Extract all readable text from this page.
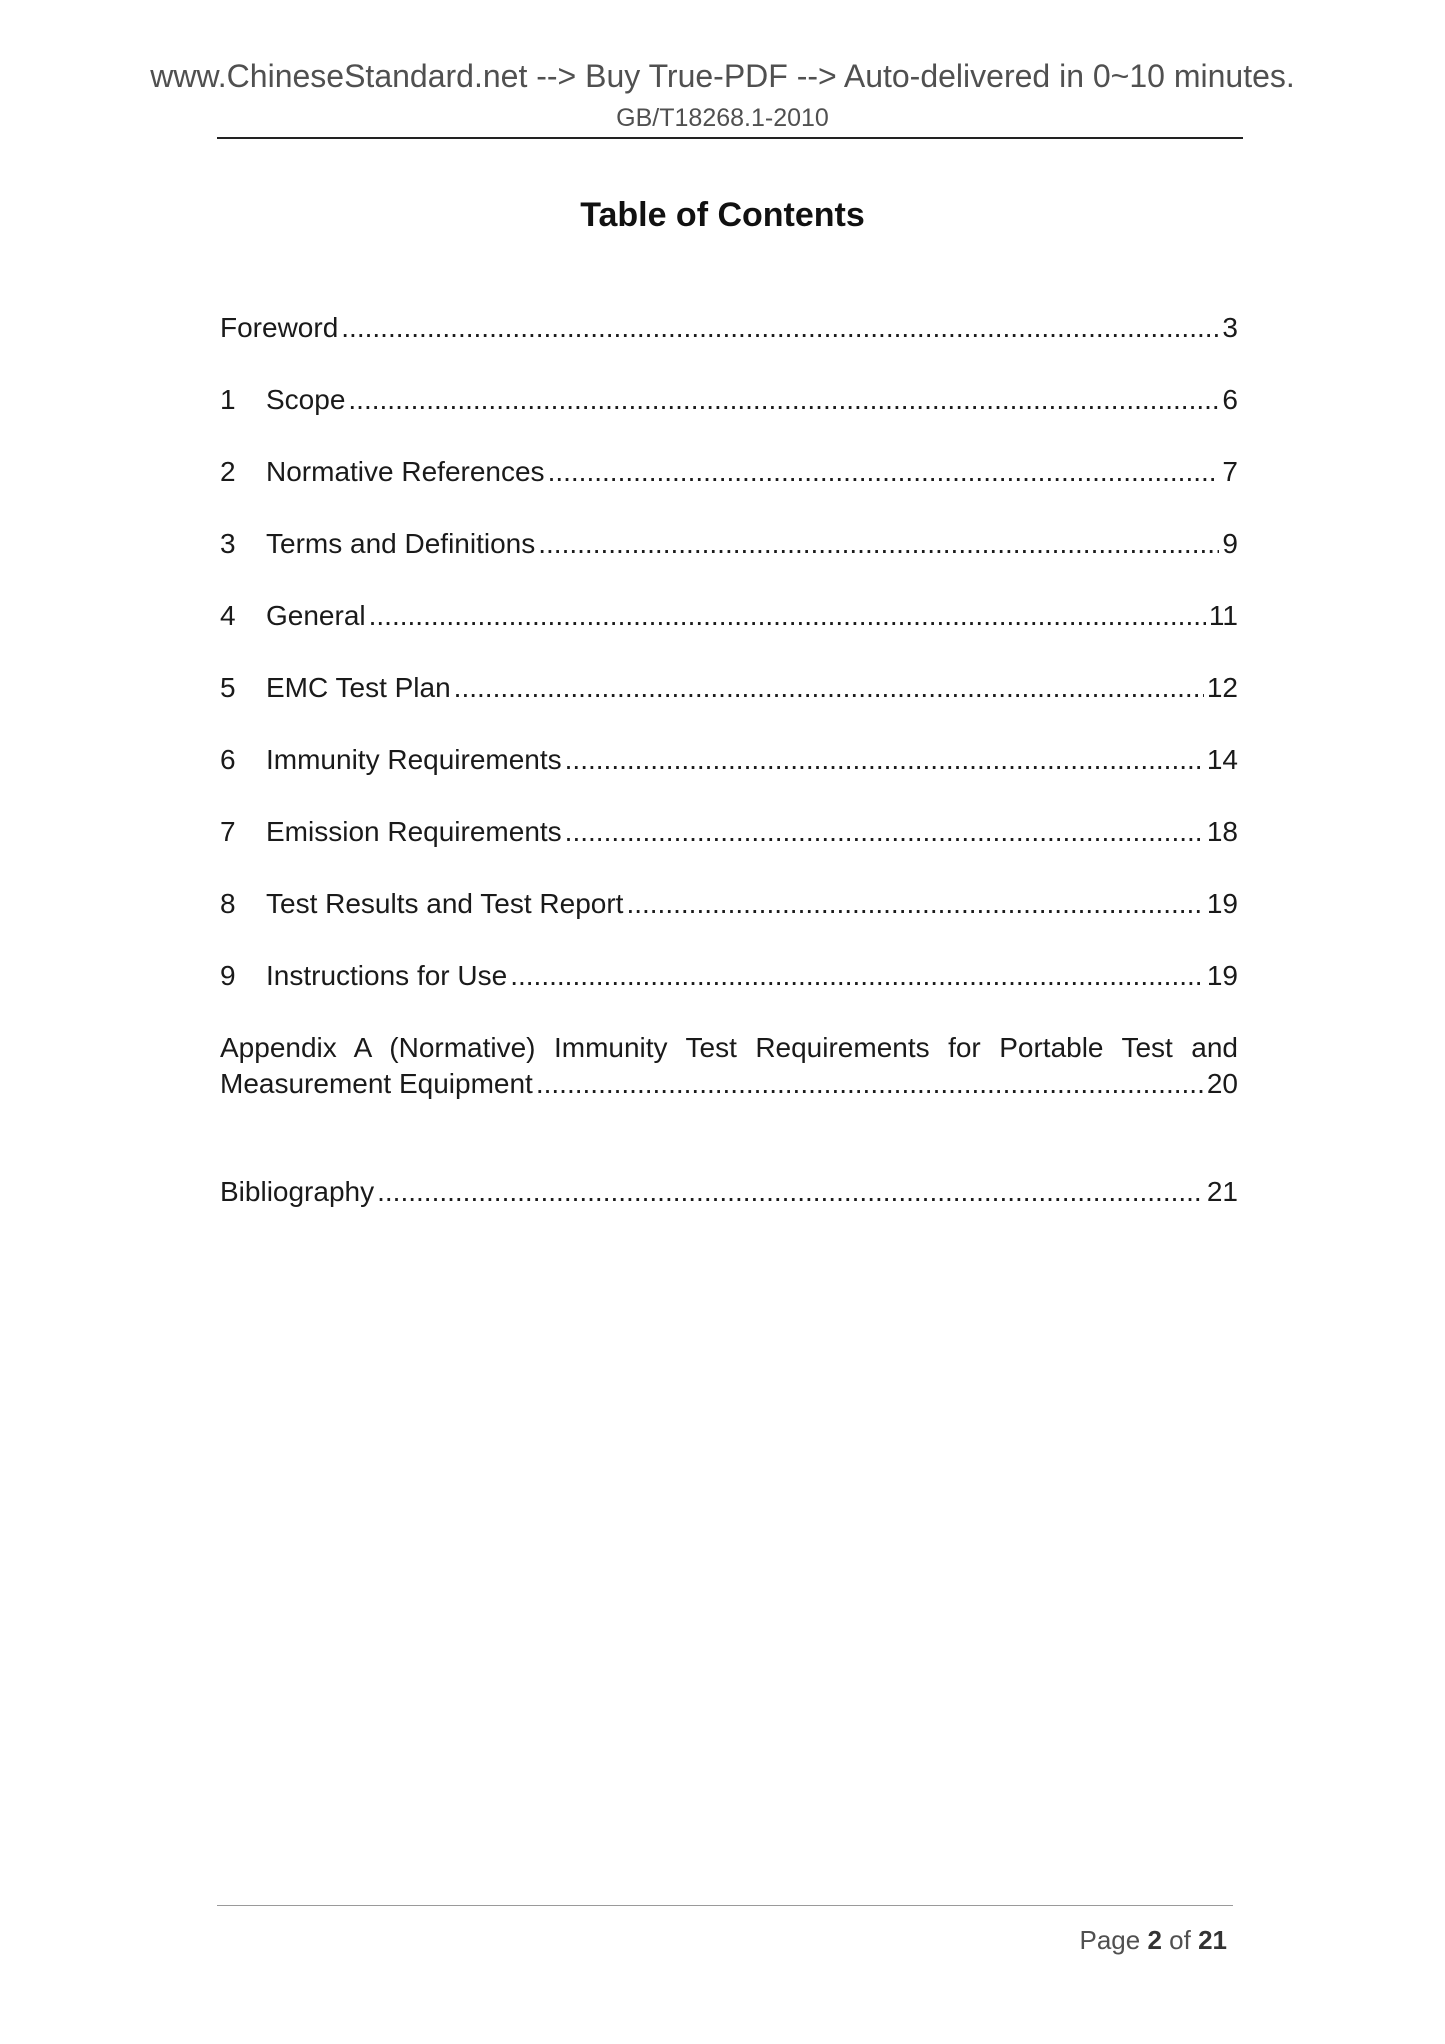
www.ChineseStandard.net --> Buy True-PDF --> Auto-delivered in 0~10 minutes.
GB/T18268.1-2010
Table of Contents
Foreword .....	3
1	Scope .....	6
2	Normative References .....	7
3	Terms and Definitions .....	9
4	General .....	11
5	EMC Test Plan .....	12
6	Immunity Requirements .....	14
7	Emission Requirements .....	18
8	Test Results and Test Report .....	19
9	Instructions for Use .....	19
Appendix A (Normative) Immunity Test Requirements for Portable Test and
Measurement Equipment .....	20
Bibliography .....	21
Page 2 of 21
